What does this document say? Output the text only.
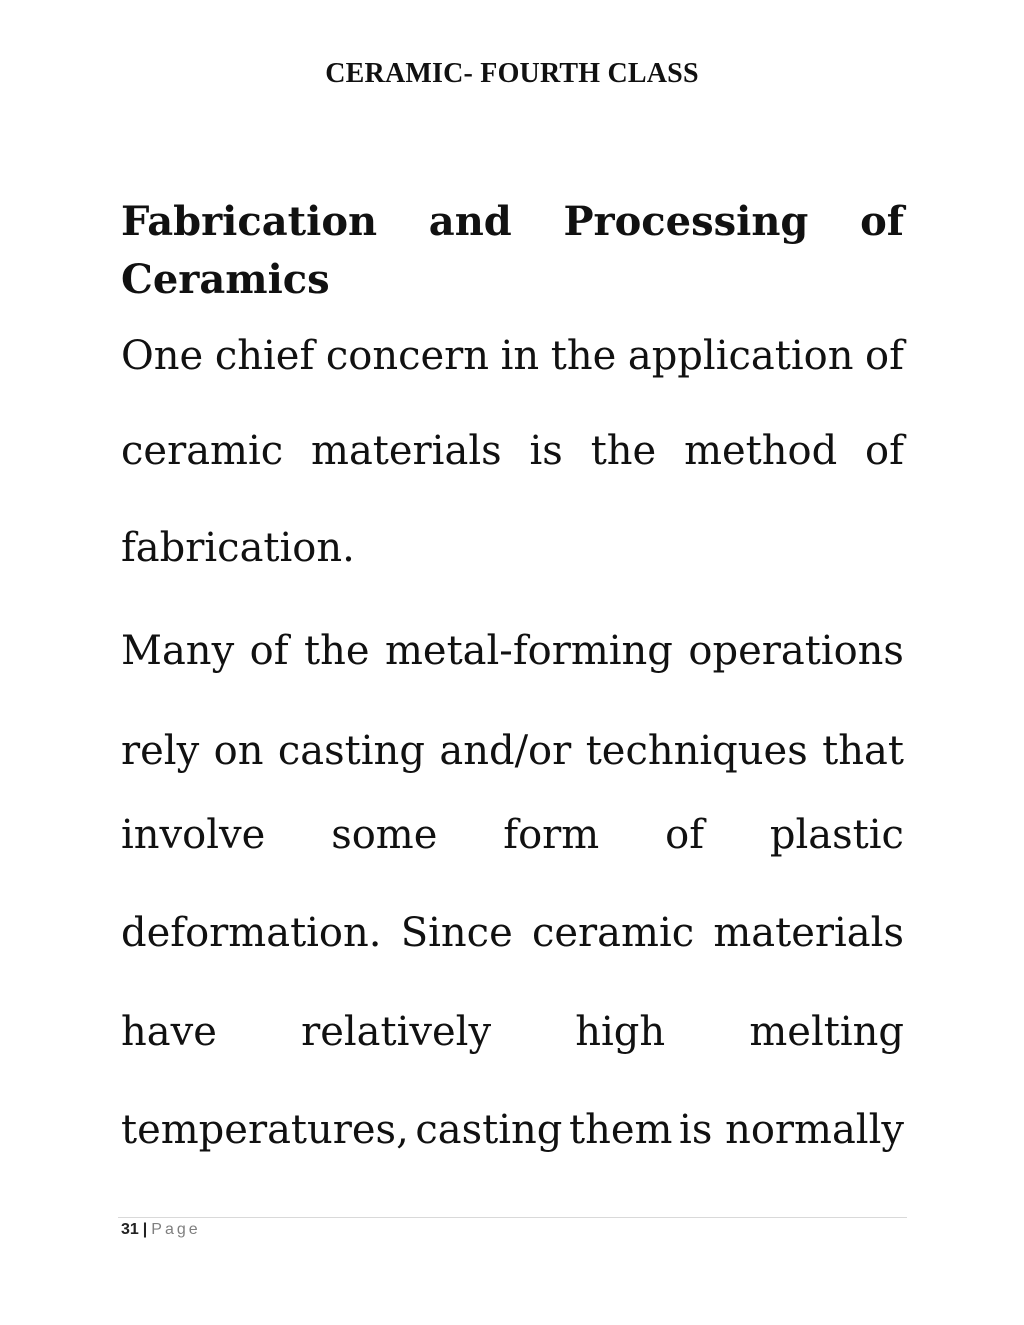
CERAMIC- FOURTH CLASS
Fabrication and Processing of
Ceramics
One chief concern in the application of
ceramic materials is the method of
fabrication.
Many of the metal-forming operations
rely on casting and/or techniques that
involve some form of plastic
deformation. Since ceramic materials
have relatively high melting
temperatures, casting them is normally
31 | Page
